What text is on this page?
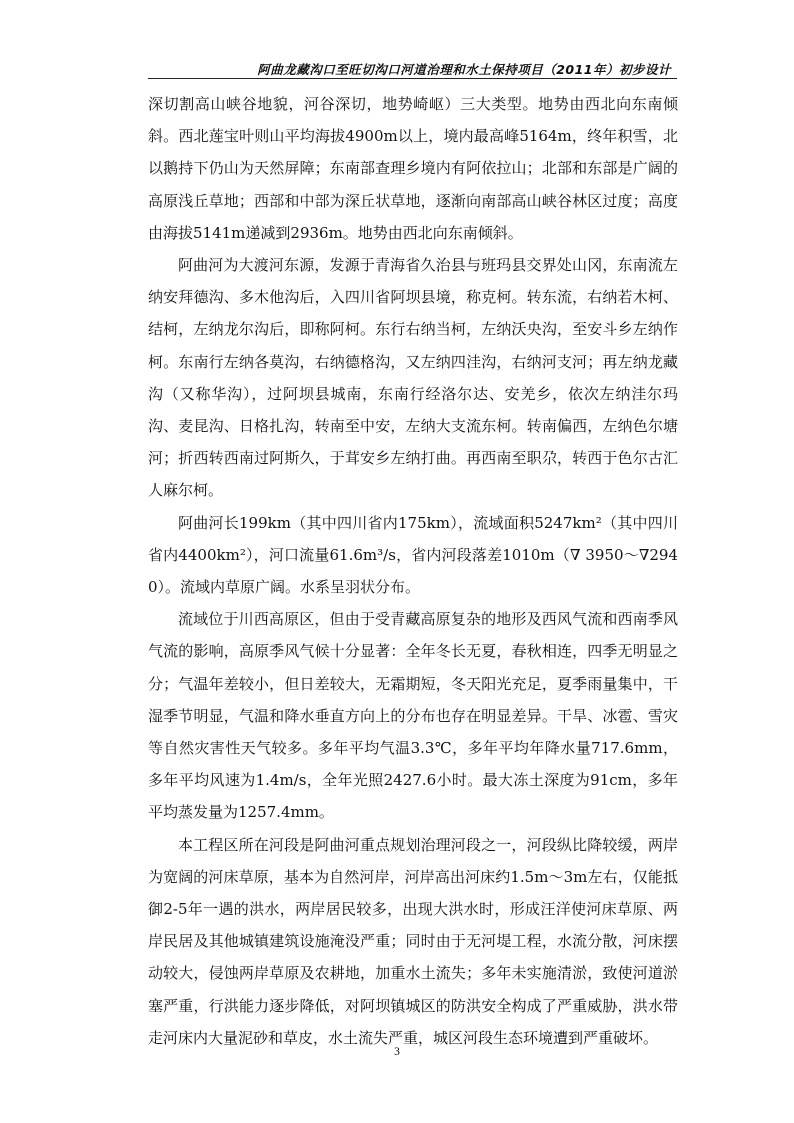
阿曲龙藏沟口至旺切沟口河道治理和水土保持项目（2011年）初步设计

深切割高山峡谷地貌，河谷深切，地势崎岖）三大类型。地势由西北向东南倾斜。西北莲宝叶则山平均海拔4900m以上，境内最高峰5164m，终年积雪，北以鹅持下仍山为天然屏障；东南部查理乡境内有阿依拉山；北部和东部是广阔的高原浅丘草地；西部和中部为深丘状草地，逐渐向南部高山峡谷林区过度；高度由海拔5141m递减到2936m。地势由西北向东南倾斜。

阿曲河为大渡河东源，发源于青海省久治县与班玛县交界处山冈，东南流左纳安拜德沟、多木他沟后，入四川省阿坝县境，称克柯。转东流，右纳若木柯、结柯，左纳龙尔沟后，即称阿柯。东行右纳当柯，左纳沃央沟，至安斗乡左纳作柯。东南行左纳各莫沟，右纳德格沟，又左纳四洼沟，右纳河支河；再左纳龙藏沟（又称华沟），过阿坝县城南，东南行经洛尔达、安羌乡，依次左纳洼尔玛沟、麦昆沟、日格扎沟，转南至中安，左纳大支流东柯。转南偏西，左纳色尔塘河；折西转西南过阿斯久，于茸安乡左纳打曲。再西南至职尕，转西于色尔古汇人麻尔柯。

阿曲河长199km（其中四川省内175km），流域面积5247km²（其中四川省内4400km²），河口流量61.6m³/s，省内河段落差1010m（∇ 3950～∇2940）。流域内草原广阔。水系呈羽状分布。

流域位于川西高原区，但由于受青藏高原复杂的地形及西风气流和西南季风气流的影响，高原季风气候十分显著：全年冬长无夏，春秋相连，四季无明显之分；气温年差较小，但日差较大，无霜期短，冬天阳光充足，夏季雨量集中，干湿季节明显，气温和降水垂直方向上的分布也存在明显差异。干旱、冰雹、雪灾等自然灾害性天气较多。多年平均气温3.3℃，多年平均年降水量717.6mm，多年平均风速为1.4m/s，全年光照2427.6小时。最大冻土深度为91cm，多年平均蒸发量为1257.4mm。

本工程区所在河段是阿曲河重点规划治理河段之一，河段纵比降较缓，两岸为宽阔的河床草原，基本为自然河岸，河岸高出河床约1.5m～3m左右，仅能抵御2-5年一遇的洪水，两岸居民较多，出现大洪水时，形成汪洋使河床草原、两岸民居及其他城镇建筑设施淹没严重；同时由于无河堤工程，水流分散，河床摆动较大，侵蚀两岸草原及农耕地，加重水土流失；多年未实施清淤，致使河道淤塞严重，行洪能力逐步降低，对阿坝镇城区的防洪安全构成了严重威胁，洪水带走河床内大量泥砂和草皮，水土流失严重，城区河段生态环境遭到严重破坏。

3
